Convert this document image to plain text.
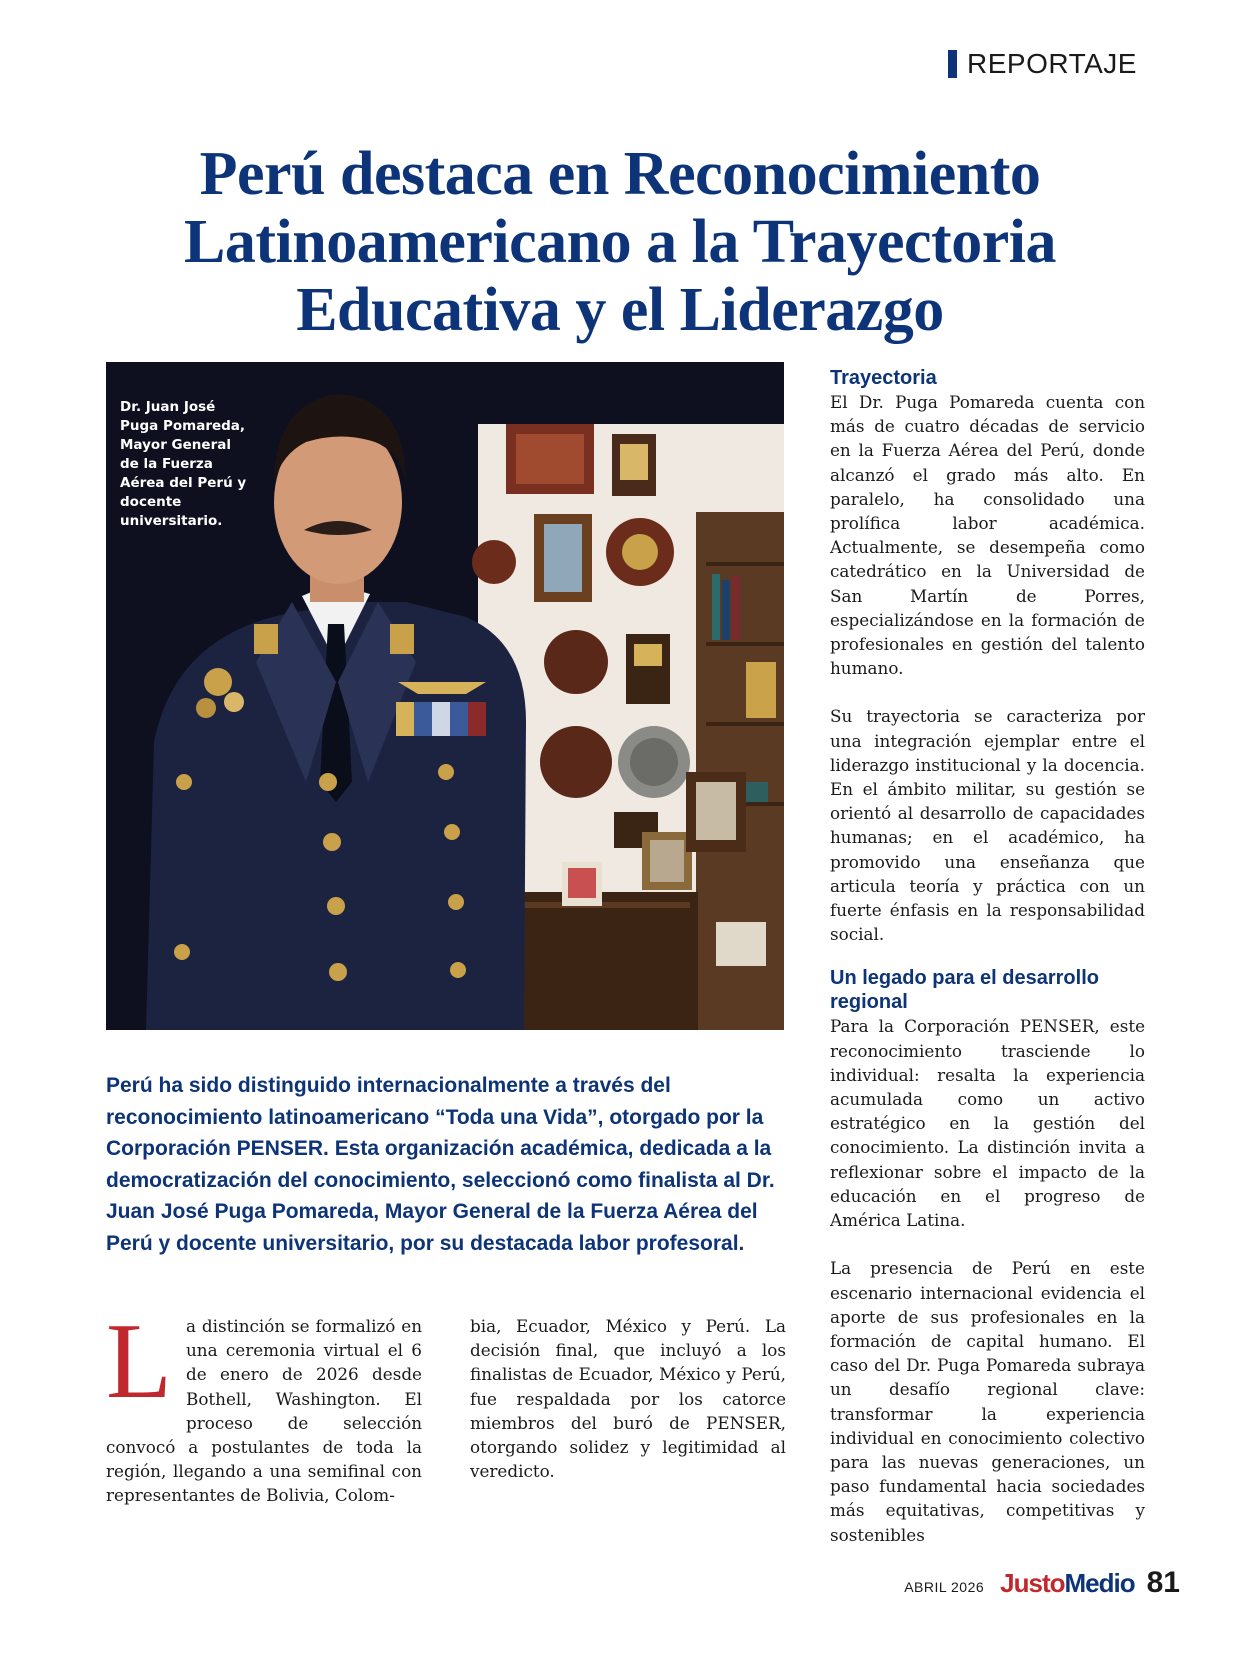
REPORTAJE
Perú destaca en Reconocimiento
Latinoamericano a la Trayectoria
Educativa y el Liderazgo
Dr. Juan José Puga Pomareda, Mayor General de la Fuerza Aérea del Perú y docente universitario.
Perú ha sido distinguido internacionalmente a través del reconocimiento latinoamericano “Toda una Vida”, otorgado por la Corporación PENSER. Esta organización académica, dedicada a la democratización del conocimiento, seleccionó como finalista al Dr. Juan José Puga Pomareda, Mayor General de la Fuerza Aérea del Perú y docente universitario, por su destacada labor profesoral.
La distinción se formalizó en una ceremonia virtual el 6 de enero de 2026 desde Bothell, Washington. El proceso de selección convocó a postulantes de toda la región, llegando a una semifinal con representantes de Bolivia, Colom-
bia, Ecuador, México y Perú. La decisión final, que incluyó a los finalistas de Ecuador, México y Perú, fue respaldada por los catorce miembros del buró de PENSER, otorgando solidez y legitimidad al veredicto.
Trayectoria

El Dr. Puga Pomareda cuenta con más de cuatro décadas de servicio en la Fuerza Aérea del Perú, donde alcanzó el grado más alto. En paralelo, ha consolidado una prolífica labor académica. Actualmente, se desempeña como catedrático en la Universidad de San Martín de Porres, especializándose en la formación de profesionales en gestión del talento humano.

Su trayectoria se caracteriza por una integración ejemplar entre el liderazgo institucional y la docencia. En el ámbito militar, su gestión se orientó al desarrollo de capacidades humanas; en el académico, ha promovido una enseñanza que articula teoría y práctica con un fuerte énfasis en la responsabilidad social.

Un legado para el desarrollo regional

Para la Corporación PENSER, este reconocimiento trasciende lo individual: resalta la experiencia acumulada como un activo estratégico en la gestión del conocimiento. La distinción invita a reflexionar sobre el impacto de la educación en el progreso de América Latina.

La presencia de Perú en este escenario internacional evidencia el aporte de sus profesionales en la formación de capital humano. El caso del Dr. Puga Pomareda subraya un desafío regional clave: transformar la experiencia individual en conocimiento colectivo para las nuevas generaciones, un paso fundamental hacia sociedades más equitativas, competitivas y sostenibles

ABRIL 2026 JustoMedio 81
